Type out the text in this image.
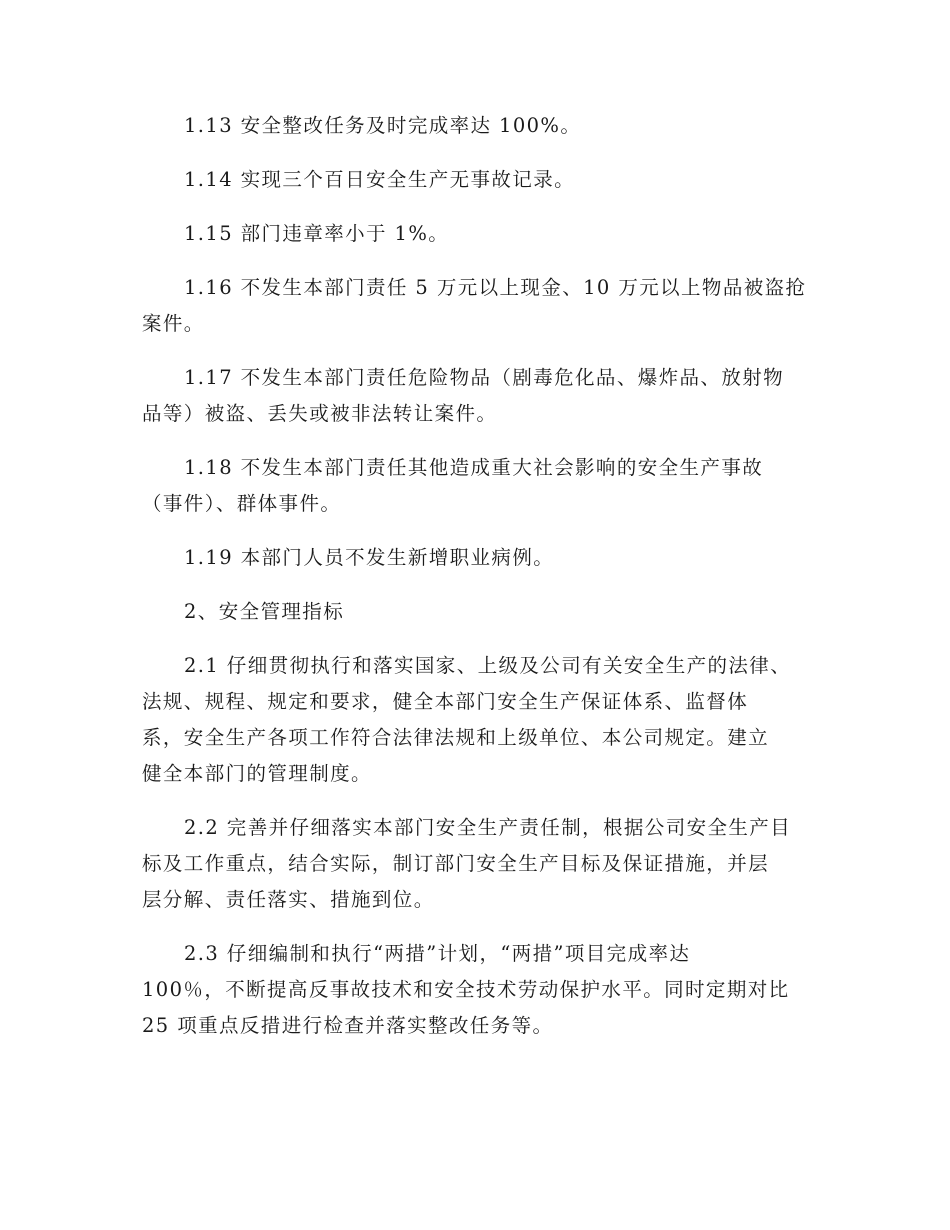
1.13 安全整改任务及时完成率达 100%。

1.14 实现三个百日安全生产无事故记录。

1.15 部门违章率小于 1%。

1.16 不发生本部门责任 5 万元以上现金、10 万元以上物品被盗抢
案件。

1.17 不发生本部门责任危险物品（剧毒危化品、爆炸品、放射物
品等）被盗、丢失或被非法转让案件。

1.18 不发生本部门责任其他造成重大社会影响的安全生产事故
（事件）、群体事件。

1.19 本部门人员不发生新增职业病例。

2、安全管理指标

2.1 仔细贯彻执行和落实国家、上级及公司有关安全生产的法律、
法规、规程、规定和要求，健全本部门安全生产保证体系、监督体
系，安全生产各项工作符合法律法规和上级单位、本公司规定。建立
健全本部门的管理制度。

2.2 完善并仔细落实本部门安全生产责任制，根据公司安全生产目
标及工作重点，结合实际，制订部门安全生产目标及保证措施，并层
层分解、责任落实、措施到位。

2.3 仔细编制和执行“两措”计划，“两措”项目完成率达
100％，不断提高反事故技术和安全技术劳动保护水平。同时定期对比
25 项重点反措进行检查并落实整改任务等。
